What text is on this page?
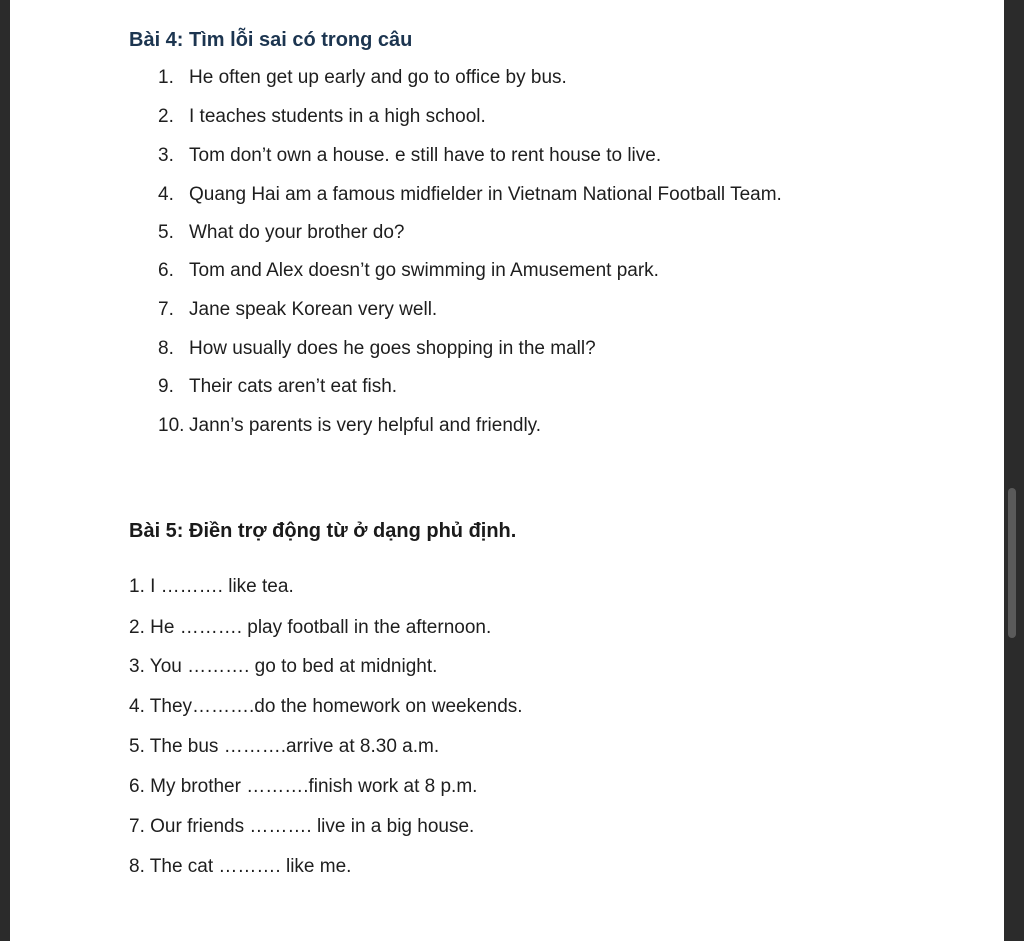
Bài 4: Tìm lỗi sai có trong câu
1. He often get up early and go to office by bus.
2. I teaches students in a high school.
3. Tom don’t own a house. e still have to rent house to live.
4. Quang Hai am a famous midfielder in Vietnam National Football Team.
5. What do your brother do?
6. Tom and Alex doesn’t go swimming in Amusement park.
7. Jane speak Korean very well.
8. How usually does he goes shopping in the mall?
9. Their cats aren’t eat fish.
10. Jann’s parents is very helpful and friendly.
Bài 5: Điền trợ động từ ở dạng phủ định.
1. I ………. like tea.
2. He ………. play football in the afternoon.
3. You ………. go to bed at midnight.
4. They……….do the homework on weekends.
5. The bus ……….arrive at 8.30 a.m.
6. My brother ……….finish work at 8 p.m.
7. Our friends ………. live in a big house.
8. The cat ………. like me.
